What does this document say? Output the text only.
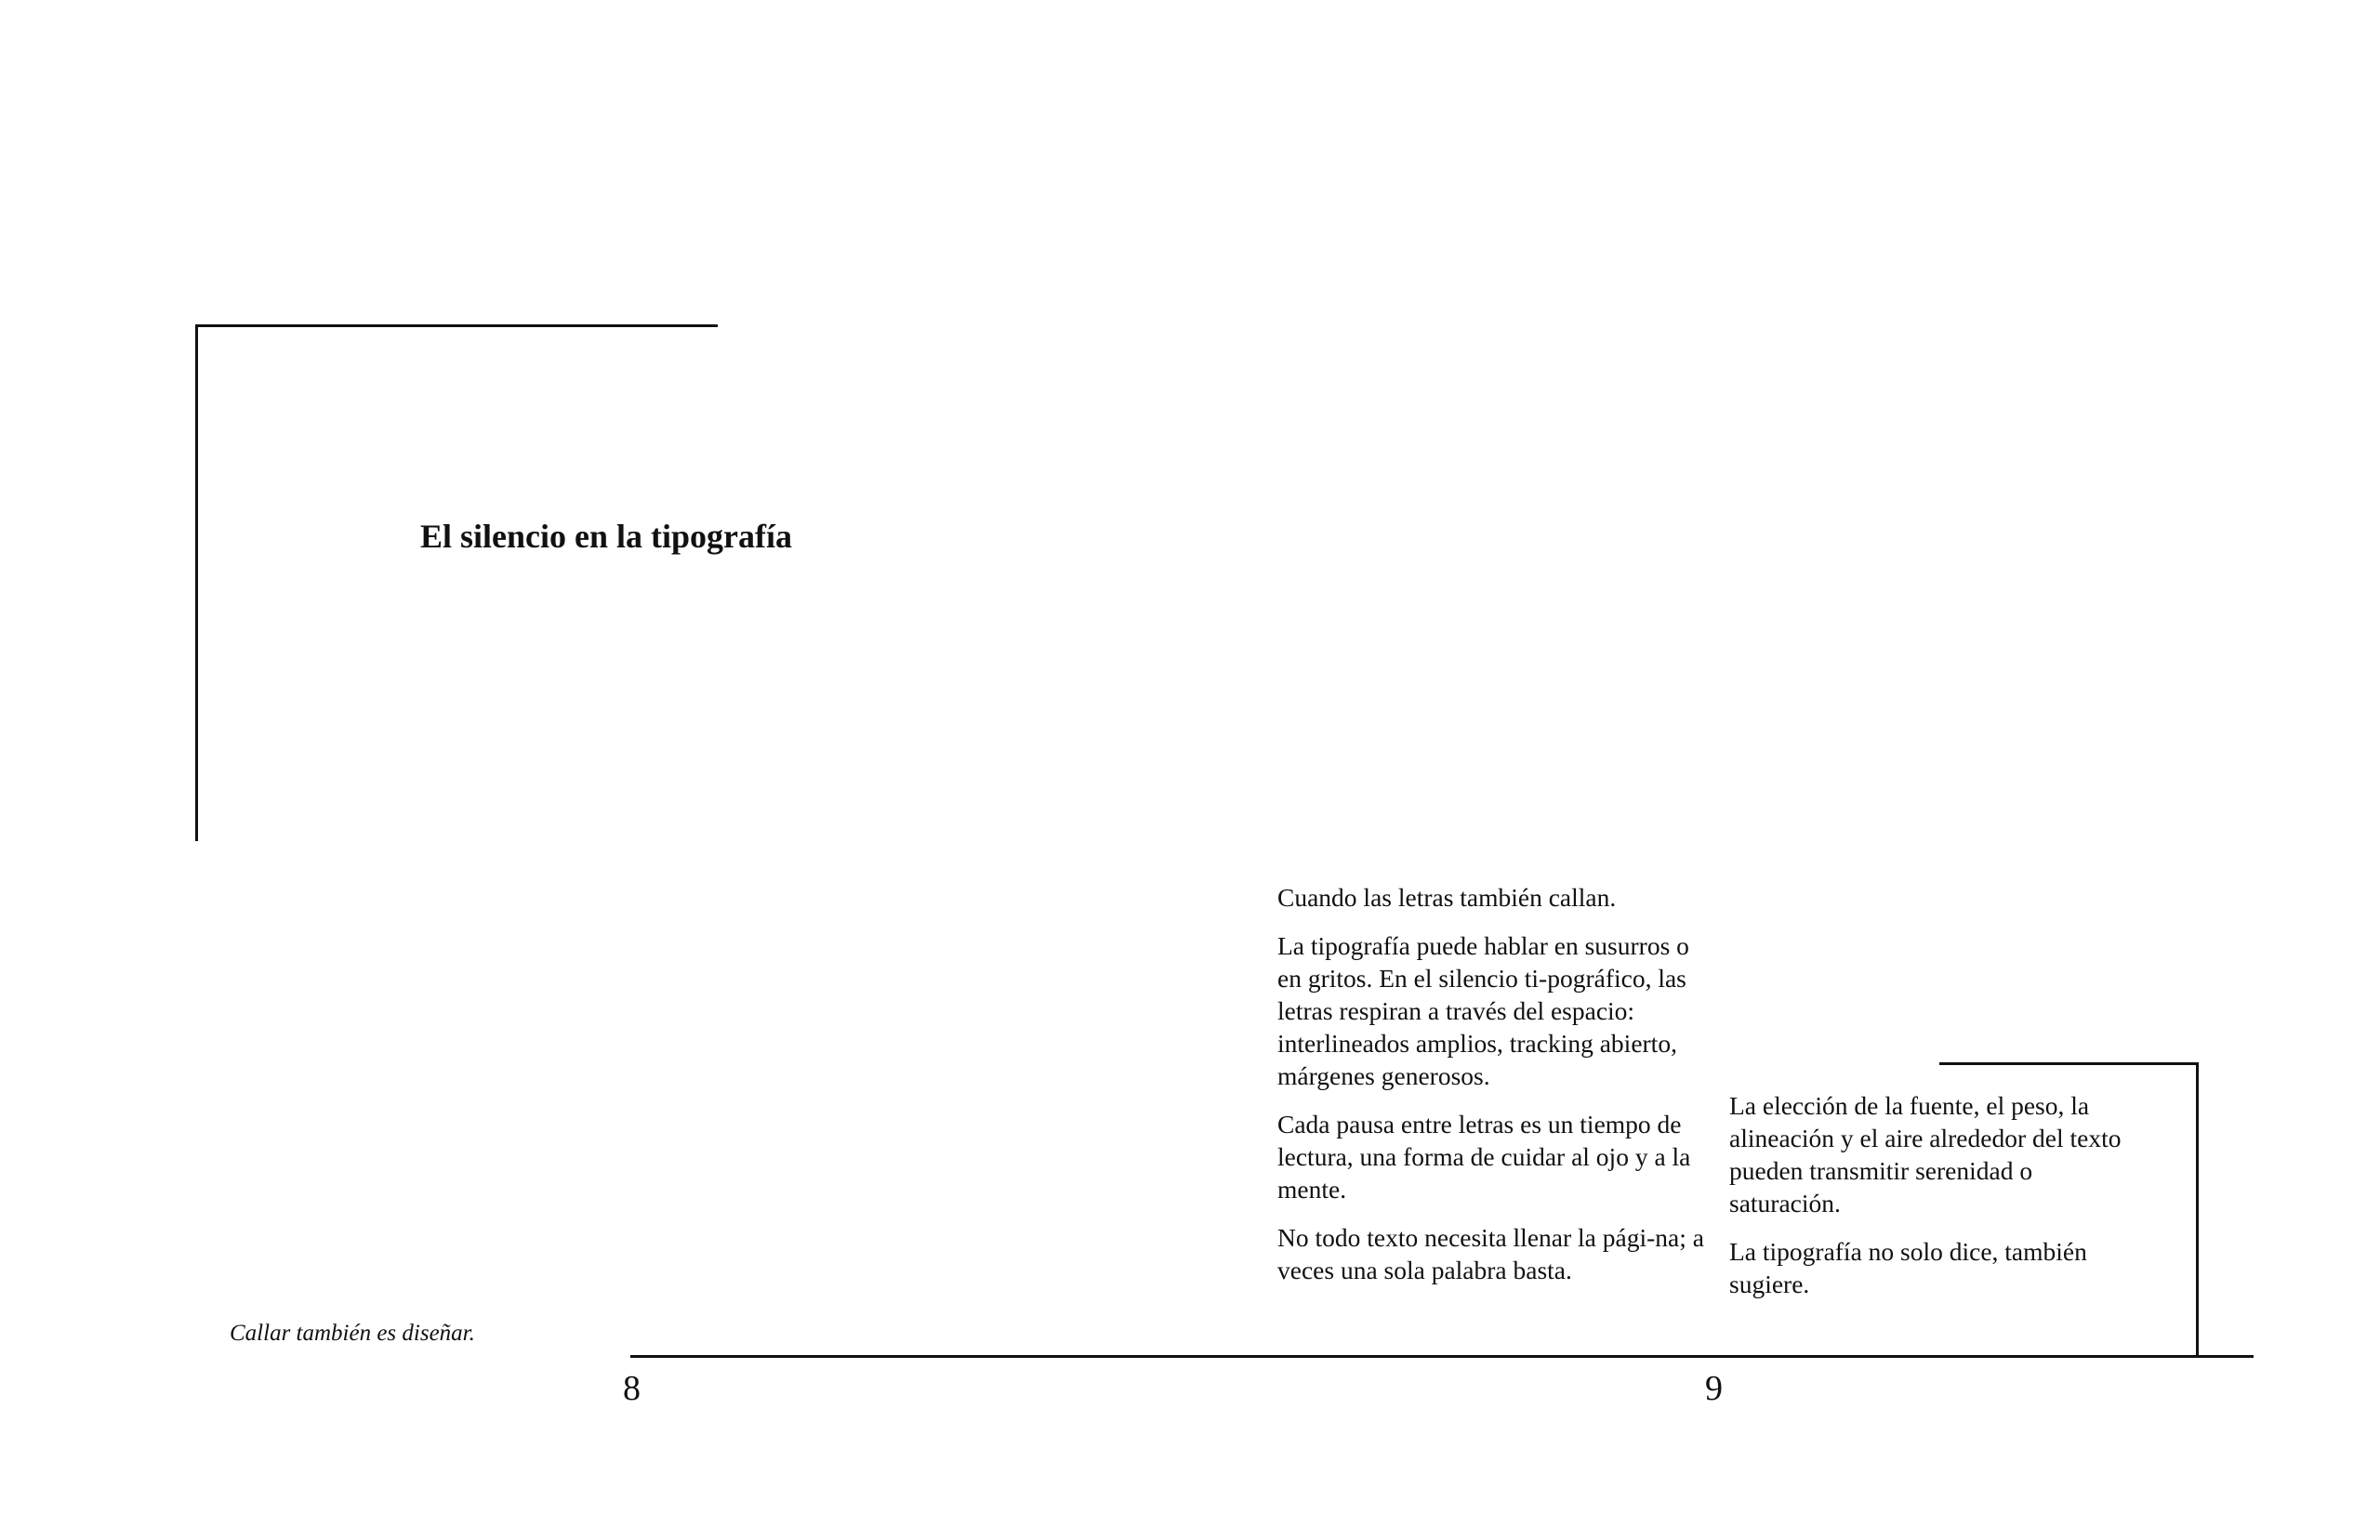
El silencio en la tipografía

Cuando las letras también callan.

La tipografía puede hablar en susurros o en gritos. En el silencio ti-pográfico, las letras respiran a través del espacio: interlineados amplios, tracking abierto, márgenes generosos.

Cada pausa entre letras es un tiempo de lectura, una forma de cuidar al ojo y a la mente.

No todo texto necesita llenar la pági-na; a veces una sola palabra basta.

La elección de la fuente, el peso, la alineación y el aire alrededor del texto pueden transmitir serenidad o saturación.

La tipografía no solo dice, también sugiere.

Callar también es diseñar.
8	9
